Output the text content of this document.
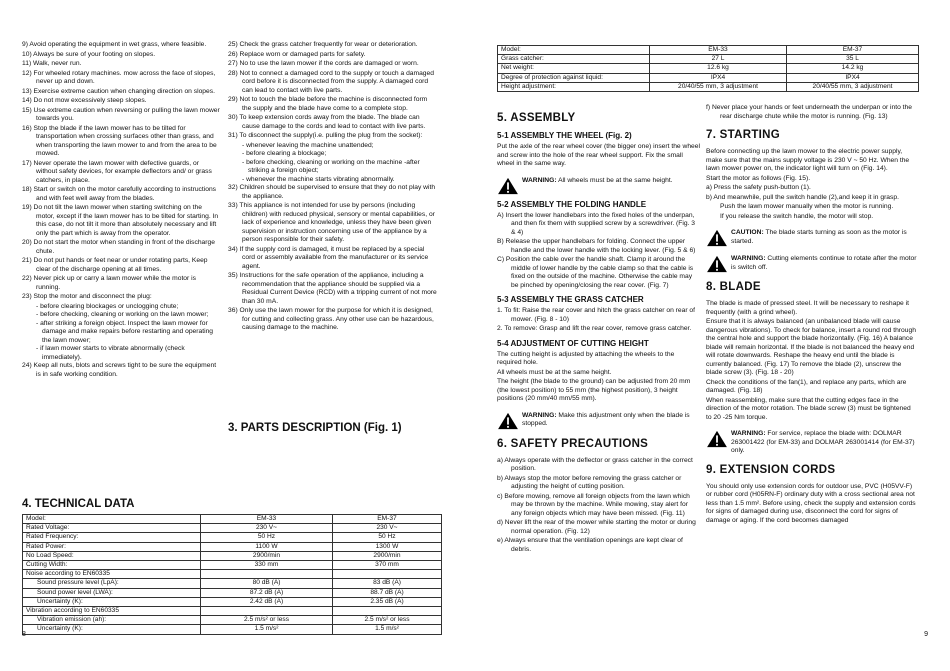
9) Avoid operating the equipment in wet grass, where feasible.
10) Always be sure of your footing on slopes.
11) Walk, never run.
12) For wheeled rotary machines. mow across the face of slopes, never up and down.
13) Exercise extreme caution when changing direction on slopes.
14) Do not mow excessively steep slopes.
15) Use extreme caution when reversing or pulling the lawn mower towards you.
16) Stop the blade if the lawn mower has to be tilted for transportation when crossing surfaces other than grass, and when transporting the lawn mower to and from the area to be mowed.
17) Never operate the lawn mower with defective guards, or without safety devices, for example deflectors and/ or grass catchers, in place.
18) Start or switch on the motor carefully according to instructions and with feet well away from the blades.
19) Do not tilt the lawn mower when starting switching on the motor, except if the lawn mower has to be tilted for starting. In this case, do not tilt it more than absolutely necessary and lift only the part which is away from the operator.
20) Do not start the motor when standing in front of the discharge chute.
21) Do not put hands or feet near or under rotating parts, Keep clear of the discharge opening at all times.
22) Never pick up or carry a lawn mower while the motor is running.
23) Stop the motor and disconnect the plug:
- before clearing blockages or unclogging chute;
- before checking, cleaning or working on the lawn mower;
- after striking a foreign object. Inspect the lawn mower for damage and make repairs before restarting and operating the lawn mower;
- if lawn mower starts to vibrate abnormally (check immediately).
24) Keep all nuts, blots and screws tight to be sure the equipment is in safe working condition.
25) Check the grass catcher frequently for wear or deterioration.
26) Replace worn or damaged parts for safety.
27) No to use the lawn mower if the cords are damaged or worn.
28) Not to connect a damaged cord to the supply or touch a damaged cord before it is disconnected from the supply. A damaged cord can lead to contact with live parts.
29) Not to touch the blade before the machine is disconnected form the supply and the blade have come to a complete stop.
30) To keep extension cords away from the blade. The blade can cause damage to the cords and lead to contact with live parts.
31) To disconnect the supply(i.e. pulling the plug from the socket):
- whenever leaving the machine unattended;
- before clearing a blockage;
- before checking, cleaning or working on the machine -after striking a foreign object;
- whenever the machine starts vibrating abnormally.
32) Children should be supervised to ensure that they do not play with the appliance.
33) This appliance is not intended for use by persons (including children) with reduced physical, sensory or mental capabilities, or lack of experience and knowledge, unless they have been given supervision or instruction concerning use of the appliance by a person responsible for their safety.
34) If the supply cord is damaged, it must be replaced by a special cord or assembly available from the manufacturer or its service agent.
35) Instructions for the safe operation of the appliance, including a recommendation that the appliance should be supplied via a Residual Current Device (RCD) with a tripping current of not more than 30 mA.
36) Only use the lawn mower for the purpose for which it is designed, for cutting and collecting grass. Any other use can be hazardous, causing damage to the machine.
3. PARTS DESCRIPTION (Fig. 1)
4. TECHNICAL DATA
Model:	EM-33	EM-37
Rated Voltage:	230 V~	230 V~
Rated Frequency:	50 Hz	50 Hz
Rated Power:	1100 W	1300 W
No Load Speed:	2900/min	2900/min
Cutting Width:	330 mm	370 mm
Noise according to EN60335		
Sound pressure level (LpA):	80 dB (A)	83 dB (A)
Sound power level (LWA):	87.2 dB (A)	88.7 dB (A)
Uncertainty (K):	2.42 dB (A)	2.35 dB (A)
Vibration according to EN60335		
Vibration emission (ah):	2.5 m/s² or less	2.5 m/s² or less
Uncertainty (K):	1.5 m/s²	1.5 m/s²
8
Model:	EM-33	EM-37
Grass catcher:	27 L	35 L
Net weight:	12.6 kg	14.2 kg
Degree of protection against liquid:	IPX4	IPX4
Height adjustment:	20/40/55 mm, 3 adjustment	20/40/55 mm, 3 adjustment
5. ASSEMBLY
5-1 ASSEMBLY THE WHEEL (Fig. 2)
Put the axle of the rear wheel cover (the bigger one) insert the wheel and screw into the hole of the rear wheel support. Fix the small wheel in the same way.
WARNING: All wheels must be at the same height.
5-2 ASSEMBLY THE FOLDING HANDLE
A) Insert the lower handlebars into the fixed holes of the underpan, and then fix them with supplied screw by a screwdriver. (Fig. 3 & 4)
B) Release the upper handlebars for folding. Connect the upper handle and the lower handle with the locking lever. (Fig. 5 & 6)
C) Position the cable over the handle shaft. Clamp it around the middle of lower handle by the cable clamp so that the cable is fixed on the outside of the machine. Otherwise the cable may be pinched by opening/closing the rear cover. (Fig. 7)
5-3 ASSEMBLY THE GRASS CATCHER
1. To fit: Raise the rear cover and hitch the grass catcher on rear of mower. (Fig. 8 - 10)
2. To remove: Grasp and lift the rear cover, remove grass catcher.
5-4 ADJUSTMENT OF CUTTING HEIGHT
The cutting height is adjusted by attaching the wheels to the required hole.
All wheels must be at the same height.
The height (the blade to the ground) can be adjusted from 20 mm (the lowest position) to 55 mm (the highest position), 3 height positions (20 mm/40 mm/55 mm).
WARNING: Make this adjustment only when the blade is stopped.
6. SAFETY PRECAUTIONS
a) Always operate with the deflector or grass catcher in the correct position.
b) Always stop the motor before removing the grass catcher or adjusting the height of cutting position.
c) Before mowing, remove all foreign objects from the lawn which may be thrown by the machine. While mowing, stay alert for any foreign objects which may have been missed. (Fig. 11)
d) Never lift the rear of the mower while starting the motor or during normal operation. (Fig. 12)
e) Always ensure that the ventilation openings are kept clear of debris.
f) Never place your hands or feet underneath the underpan or into the rear discharge chute while the motor is running. (Fig. 13)
7. STARTING
Before connecting up the lawn mower to the electric power supply, make sure that the mains supply voltage is 230 V ~ 50 Hz. When the lawn mower power on, the indicator light will turn on (Fig. 14).
Start the motor as follows (Fig. 15).
a) Press the safety push-button (1).
b) And meanwhile, pull the switch handle (2),and keep it in grasp.
Push the lawn mower manually when the motor is running.
If you release the switch handle, the motor will stop.
CAUTION: The blade starts turning as soon as the motor is started.
WARNING: Cutting elements continue to rotate after the motor is switch off.
8. BLADE
The blade is made of pressed steel. It will be necessary to reshape it frequently (with a grind wheel).
Ensure that it is always balanced (an unbalanced blade will cause dangerous vibrations). To check for balance, insert a round rod through the central hole and support the blade horizontally. (Fig. 16) A balance blade will remain horizontal. If the blade is not balanced the heavy end will rotate downwards. Reshape the heavy end until the blade is currently balanced. (Fig. 17) To remove the blade (2), unscrew the blade screw (3). (Fig. 18 - 20)
Check the conditions of the fan(1), and replace any parts, which are damaged. (Fig. 18)
When reassembling, make sure that the cutting edges face in the direction of the motor rotation. The blade screw (3) must be tightened to 20 -25 Nm torque.
WARNING: For service, replace the blade with: DOLMAR 263001422 (for EM-33) and DOLMAR 263001414 (for EM-37) only.
9. EXTENSION CORDS
You should only use extension cords for outdoor use, PVC (H05VV-F) or rubber cord (H05RN-F) ordinary duty with a cross sectional area not less than 1.5 mm². Before using, check the supply and extension cords for signs of damaged during use, disconnect the cord for signs of damage or aging. If the cord becomes damaged
9
